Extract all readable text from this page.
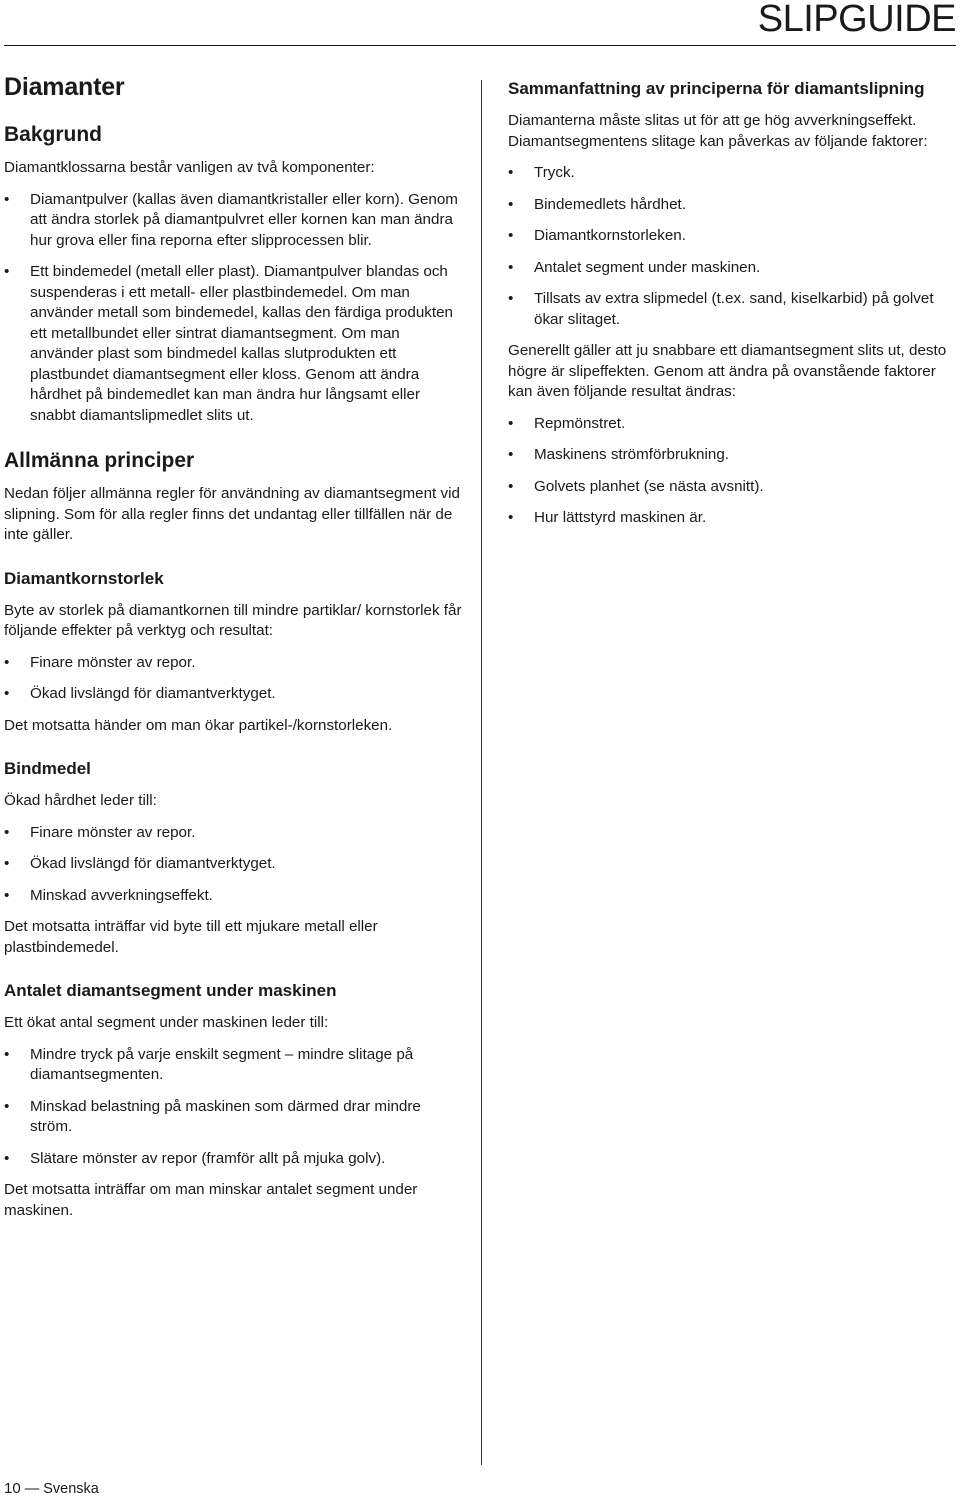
SLIPGUIDE
Diamanter
Bakgrund

Diamantklossarna består vanligen av två komponenter:

• Diamantpulver (kallas även diamantkristaller eller korn). Genom att ändra storlek på diamantpulvret eller kornen kan man ändra hur grova eller fina reporna efter slipprocessen blir.
• Ett bindemedel (metall eller plast). Diamantpulver blandas och suspenderas i ett metall- eller plastbindemedel. Om man använder metall som bindemedel, kallas den färdiga produkten ett metallbundet eller sintrat diamantsegment. Om man använder plast som bindmedel kallas slutprodukten ett plastbundet diamantsegment eller kloss. Genom att ändra hårdhet på bindemedlet kan man ändra hur långsamt eller snabbt diamantslipmedlet slits ut.
Allmänna principer

Nedan följer allmänna regler för användning av diamantsegment vid slipning. Som för alla regler finns det undantag eller tillfällen när de inte gäller.

Diamantkornstorlek

Byte av storlek på diamantkornen till mindre partiklar/ kornstorlek får följande effekter på verktyg och resultat:

• Finare mönster av repor.
• Ökad livslängd för diamantverktyget.

Det motsatta händer om man ökar partikel-/kornstorleken.

Bindmedel

Ökad hårdhet leder till:

• Finare mönster av repor.
• Ökad livslängd för diamantverktyget.
• Minskad avverkningseffekt.

Det motsatta inträffar vid byte till ett mjukare metall eller plastbindemedel.

Antalet diamantsegment under maskinen

Ett ökat antal segment under maskinen leder till:

• Mindre tryck på varje enskilt segment – mindre slitage på diamantsegmenten.
• Minskad belastning på maskinen som därmed drar mindre ström.
• Slätare mönster av repor (framför allt på mjuka golv).

Det motsatta inträffar om man minskar antalet segment under maskinen.

Sammanfattning av principerna för diamantslipning

Diamanterna måste slitas ut för att ge hög avverkningseffekt. Diamantsegmentens slitage kan påverkas av följande faktorer:

• Tryck.
• Bindemedlets hårdhet.
• Diamantkornstorleken.
• Antalet segment under maskinen.
• Tillsats av extra slipmedel (t.ex. sand, kiselkarbid) på golvet ökar slitaget.

Generellt gäller att ju snabbare ett diamantsegment slits ut, desto högre är slipeffekten. Genom att ändra på ovanstående faktorer kan även följande resultat ändras:

• Repmönstret.
• Maskinens strömförbrukning.
• Golvets planhet (se nästa avsnitt).
• Hur lättstyrd maskinen är.
10 — Svenska
